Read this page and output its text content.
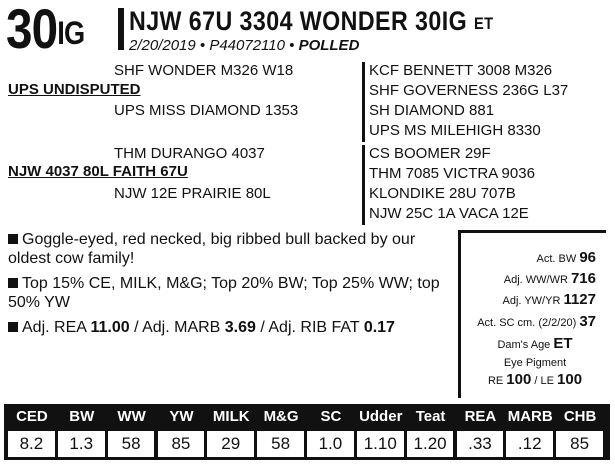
$30^{IG}$ NJW 67U 3304 WONDER 30IG $^{ET}$
2/20/2019 • P44072110 • POLLED
SHF WONDER M326 W18
UPS UNDISPUTED
UPS MISS DIAMOND 1353
KCF BENNETT 3008 M326
SHF GOVERNESS 236G L37
SH DIAMOND 881
UPS MS MILEHIGH 8330
THM DURANGO 4037
NJW 4037 80L FAITH 67U
NJW 12E PRAIRIE 80L
CS BOOMER 29F
THM 7085 VICTRA 9036
KLONDIKE 28U 707B
NJW 25C 1A VACA 12E
Goggle-eyed, red necked, big ribbed bull backed by our oldest cow family!
Top 15% CE, MILK, M&G; Top 20% BW; Top 25% WW; top 50% YW
Adj. REA 11.00 / Adj. MARB 3.69 / Adj. RIB FAT 0.17
Act. BW 96
Adj. WW/WR 716
Adj. YW/YR 1127
Act. SC cm. (2/2/20) 37
Dam's Age ET
Eye Pigment
RE 100 / LE 100
CED
8.2
BW
1.3
WW
58
YW
85
MILK
29
M&G
58
SC
1.0
Udder
1.10
Teat
1.20
REA
.33
MARB
.12
CHB
85
